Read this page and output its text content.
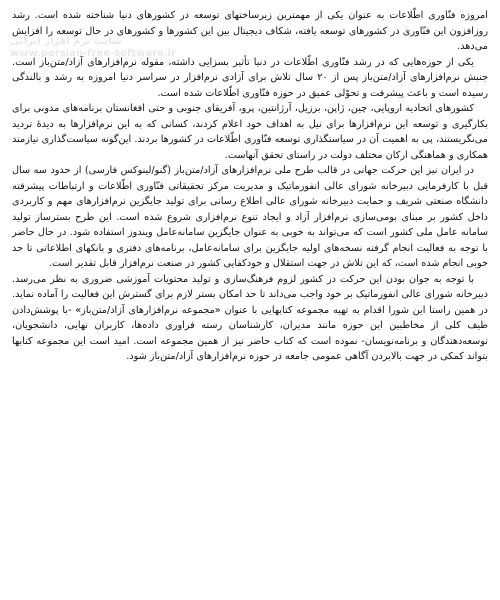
امروزه فنّاوری اطّلاعات به عنوان یکی از مهمترین زیرساختهای توسعه در کشورهای دنیا شناخته شده است. رشد روزافزون این فنّاوری در کشورهای توسعه یافته، شکاف دیجیتال بین این کشورها و کشورهای در حال توسعه را افزایش می‌دهد.

یکی از حوزه‌هایی که در رشد فنّاوری اطّلاعات در دنیا تأثیر بسزایی داشته، مقوله نرم‌افزارهای آزاد/متن‌باز است. جنبش نرم‌افزارهای آزاد/متن‌باز پس از ۲۰ سال تلاش برای آزادی نرم‌افزار در سراسر دنیا امروزه به رشد و بالندگی رسیده است و باعث پیشرفت و تحوّلی عمیق در حوزه فنّاوری اطّلاعات شده است.

کشورهای اتحادیه اروپایی، چین، ژاپن، برزیل، آرژانتین، پرو، آفریقای جنوبی و حتی افغانستان برنامه‌های مدونی برای بکارگیری و توسعه این نرم‌افزارها برای نیل به اهداف خود اعلام کردند، کسانی که به این نرم‌افزارها به دیدهٔ تردید می‌نگریستند، پی به اهمیت آن در سیاستگذاری توسعه فنّاوری اطّلاعات در کشورها بردند. این‌گونه سیاست‌گذاری نیازمند همکاری و هماهنگی ارکان مختلف دولت در راستای تحقق آنهاست.

در ایران نیز این حرکت جهانی در قالب طرح ملی نرم‌افزارهای آزاد/متن‌باز (گنو/لینوکس فارسی) از حدود سه سال قبل با کارفرمایی دبیرخانه شورای عالی انفورماتیک و مدیریت مرکز تحقیقاتی فنّاوری اطّلاعات و ارتباطات پیشرفته دانشگاه صنعتی شریف و حمایت دبیرخانه شورای عالی اطلاع رسانی برای تولید جایگزین نرم‌افزارهای مهم و کاربردی داخل کشور بر مبنای بومی‌سازی نرم‌افزار آزاد و ایجاد تنوع نرم‌افزاری شروع شده است. این طرح بسترساز تولید سامانه عامل ملی کشور است که می‌تواند به خوبی به عنوان جایگزین سامانه‌عامل ویندوز استفاده شود. در حال حاضر با توجه به فعالیت انجام گرفته نسخه‌های اولیه جایگزین برای سامانه‌عامل، برنامه‌های دفتری و بانکهای اطلاعاتی تا حد خوبی انجام شده است، که این تلاش در جهت استقلال و خودکفایی کشور در صنعت نرم‌افزار قابل تقدیر است.

با توجه به جوان بودن این حرکت در کشور لزوم فرهنگ‌سازی و تولید محتویات آموزشی ضروری به نظر می‌رسد. دبیرخانه شورای عالی انفورماتیک بر خود واجب می‌داند تا حد امکان بستر لازم برای گسترش این فعالیت را آماده نماید. در همین راستا این شورا اقدام به تهیه مجموعه کتابهایی با عنوان «مجموعه نرم‌افزارهای آزاد/متن‌باز» -با پوشش‌دادن طیف کلی از مخاطبین این حوزه مانند مدیران، کارشناسان رسته فراوری داده‌ها، کاربران نهایی، دانشجویان، توسعه‌دهندگان و برنامه‌نویسان- نموده است که کتاب حاضر نیز از همین مجموعه است. امید است این مجموعه کتابها بتواند کمکی در جهت بالابردن آگاهی عمومی جامعه در حوزه نرم‌افزارهای آزاد/متن‌باز شود.

سایت نرم افزار ایرانی
www.persian-free-software.ir
